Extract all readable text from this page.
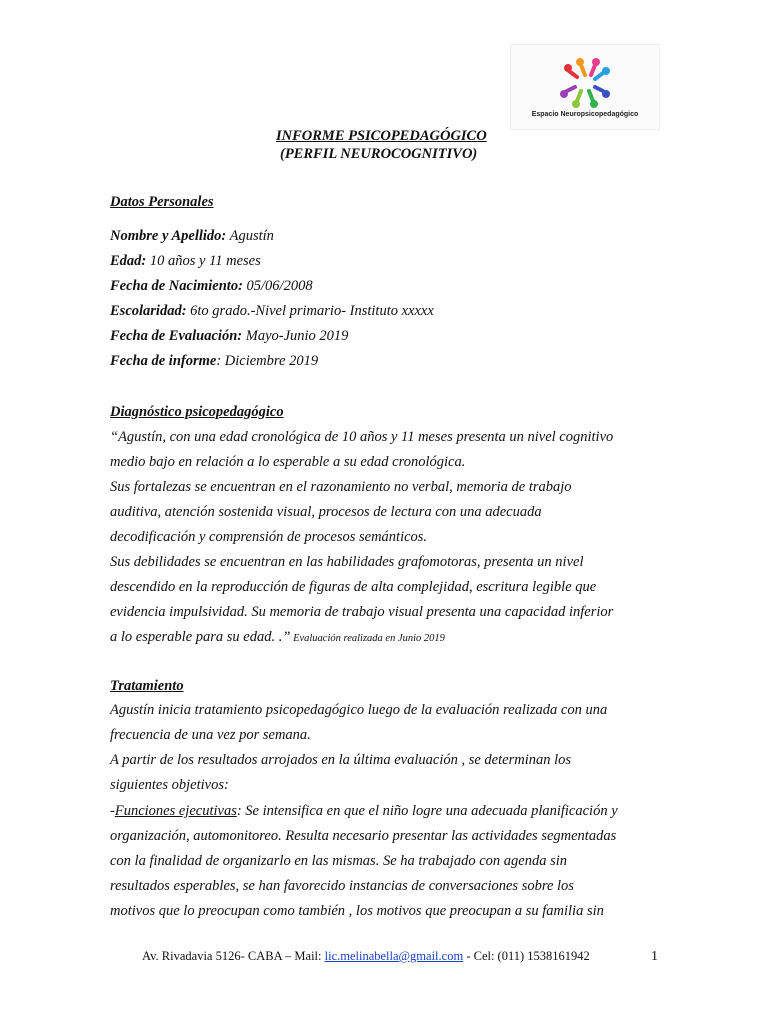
Espacio Neuropsicopedagógico
INFORME PSICOPEDAGÓGICO
(PERFIL NEUROCOGNITIVO)
Datos Personales
Nombre y Apellido: Agustín
Edad: 10 años y 11 meses
Fecha de Nacimiento: 05/06/2008
Escolaridad: 6to grado.-Nivel primario- Instituto xxxxx
Fecha de Evaluación: Mayo-Junio 2019
Fecha de informe: Diciembre 2019
Diagnóstico psicopedagógico
“Agustín, con una edad cronológica de 10 años y 11 meses presenta un nivel cognitivo
medio bajo en relación a lo esperable a su edad cronológica.
Sus fortalezas se encuentran en el razonamiento no verbal, memoria de trabajo
auditiva, atención sostenida visual, procesos de lectura con una adecuada
decodificación y comprensión de procesos semánticos.
Sus debilidades se encuentran en las habilidades grafomotoras, presenta un nivel
descendido en la reproducción de figuras de alta complejidad, escritura legible que
evidencia impulsividad. Su memoria de trabajo visual presenta una capacidad inferior
a lo esperable para su edad. .” Evaluación realizada en Junio 2019
Tratamiento
Agustín inicia tratamiento psicopedagógico luego de la evaluación realizada con una
frecuencia de una vez por semana.
A partir de los resultados arrojados en la última evaluación , se determinan los
siguientes objetivos:
-Funciones ejecutivas: Se intensifica en que el niño logre una adecuada planificación y
organización, automonitoreo. Resulta necesario presentar las actividades segmentadas
con la finalidad de organizarlo en las mismas. Se ha trabajado con agenda sin
resultados esperables, se han favorecido instancias de conversaciones sobre los
motivos que lo preocupan como también , los motivos que preocupan a su familia sin
Av. Rivadavia 5126- CABA – Mail: lic.melinabella@gmail.com - Cel: (011) 1538161942	1
